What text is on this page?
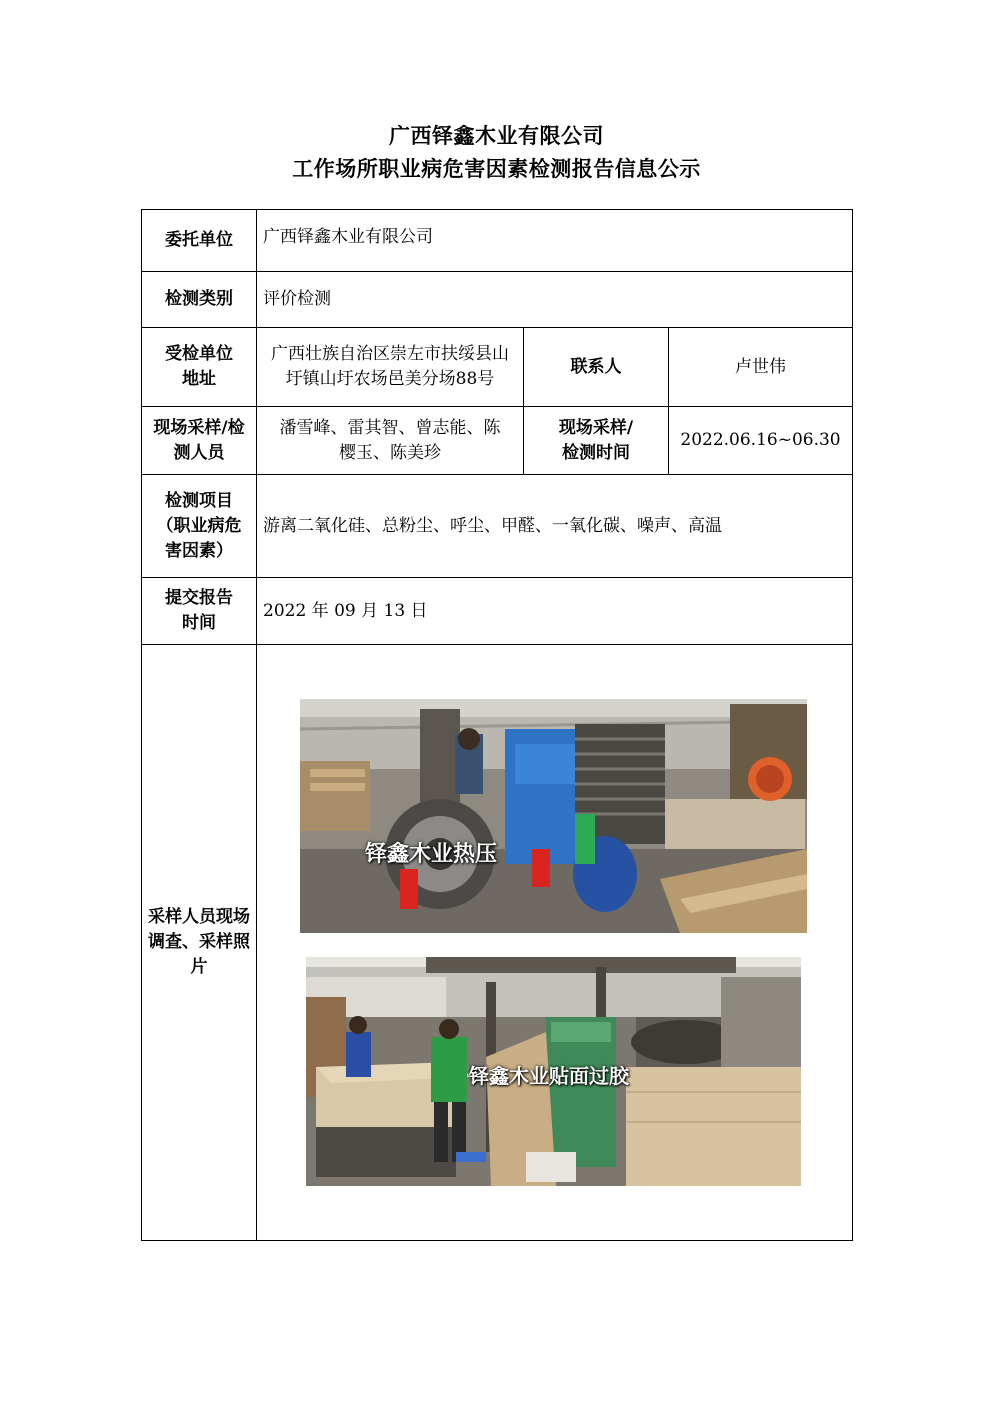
广西铎鑫木业有限公司
工作场所职业病危害因素检测报告信息公示
委托单位	广西铎鑫木业有限公司		
检测类别	评价检测		
受检单位地址	广西壮族自治区崇左市扶绥县山圩镇山圩农场邑美分场88号	联系人	卢世伟
现场采样/检测人员	潘雪峰、雷其智、曾志能、陈樱玉、陈美珍	现场采样/检测时间	2022.06.16~06.30
检测项目（职业病危害因素）	游离二氧化硅、总粉尘、呼尘、甲醛、一氧化碳、噪声、高温		
提交报告时间	2022 年 09 月 13 日		
采样人员现场调查、采样照片			
铎鑫木业热压
铎鑫木业贴面过胶
